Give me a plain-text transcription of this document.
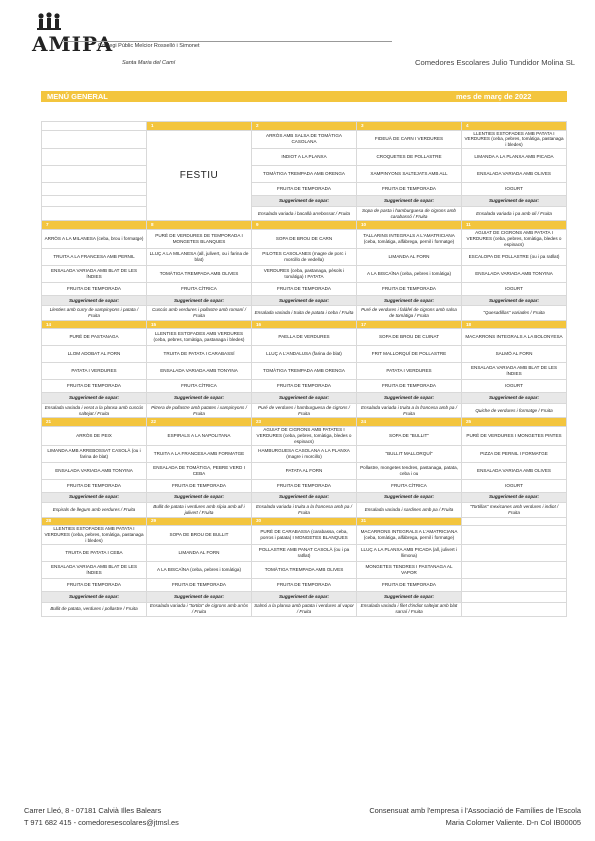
AMIPA
Col·legi Públic Melcior Rosselló i Simonet
Santa Maria del Camí	Comedores Escolares Julio Tundidor Molina SL
MENÚ GENERAL	mes de març de 2022
	1	2	3	4
	FESTIU	ARRÒS AMB SALSA DE TOMÀTIGA CASOLANA	FIDEUÀ DE CARN I VERDURES	LLENTIES ESTOFADES AMB PATATA I VERDURES (ceba, pebres, tomàtiga, pastanaga i bledes)
		INDIOT A LA PLANXA	CROQUETES DE POLLASTRE	LIMANDA A LA PLANXA AMB PICADA
		TOMÀTIGA TREMPADA AMB ORENGA	XAMPINYONS SALTEJATS AMB ALL	ENSALADA VARIADA AMB OLIVES
		FRUITA DE TEMPORADA	FRUITA DE TEMPORADA	IOGURT
		Suggeriment de sopar:	Suggeriment de sopar:	Suggeriment de sopar:
		Ensalada variada i bacallà arrebossat / Fruita	Sopa de pasta i hamburguesa de cigrons amb carabassó / Fruita	Ensalada variada i pa amb oli / Fruita
7	8	9	10	11
ARRÒS A LA MILANESA (ceba, brou i formatge)	PURÉ DE VERDURES DE TEMPORADA I MONGETES BLANQUES	SOPA DE BROU DE CARN	TALLARINS INTEGRALS A L'AMATRICIANA (ceba, tomàtiga, alfàbrega, pernil i formatge)	AGUIAT DE CIGRONS AMB PATATA I VERDURES (ceba, pebres, tomàtiga, bledes o espinacs)
TRUITA A LA FRANCESA AMB PERNIL	LLUÇ A LA MILANESA (all, julivert, ou i farina de blat)	PILOTES CASOLANES (magre de porc i morcillo de vedella)	LIMANDA AL FORN	ESCALOPA DE POLLASTRE (ou i pa ratllat)
ENSALADA VARIADA AMB BLAT DE LES ÍNDIES	TOMÀTIGA TREMPADA AMB OLIVES	VERDURES (ceba, pastanaga, pèsols i tomàtiga) I PATATA	A LA BISCAÏNA (ceba, pebres i tomàtiga)	ENSALADA VARIADA AMB TONYINA
FRUITA DE TEMPORADA	FRUITA CÍTRICA	FRUITA DE TEMPORADA	FRUITA DE TEMPORADA	IOGURT
Suggeriment de sopar:	Suggeriment de sopar:	Suggeriment de sopar:	Suggeriment de sopar:	Suggeriment de sopar:
Llenties amb curry de xampinyons i patata / Fruita	Cuscús amb verdures i pollastre amb romaní / Fruita	Ensalada variada i truita de patata i ceba / Fruita	Puré de verdures i falàfel de cigrons amb salsa de tomàtiga / Fruita	"Quesadillas" variades / Fruita
14	15	16	17	18
PURÉ DE PASTANAGA	LLENTIES ESTOFADES AMB VERDURES (ceba, pebres, tomàtiga, pastanaga i bledes)	PAELLA DE VERDURES	SOPA DE BROU DE CUINAT	MACARRONS INTEGRALS A LA BOLONYESA
LLOM ADOBAT AL FORN	TRUITA DE PATATA I CARABASSÍ	LLUÇ A L'ANDALUSA (farina de blat)	FRIT MALLORQUÍ DE POLLASTRE	SALMÓ AL FORN
PATATA I VERDURES	ENSALADA VARIADA AMB TONYINA	TOMÀTIGA TREMPADA AMB ORENGA	PATATA I VERDURES	ENSALADA VARIADA AMB BLAT DE LES ÍNDIES
FRUITA DE TEMPORADA	FRUITA CÍTRICA	FRUITA DE TEMPORADA	FRUITA DE TEMPORADA	IOGURT
Suggeriment de sopar:	Suggeriment de sopar:	Suggeriment de sopar:	Suggeriment de sopar:	Suggeriment de sopar:
Ensalada variada i verat a la planxa amb cuscús saltejat / Fruita	Pitrera de pollastre amb patates i xampinyons / Fruita	Puré de verdures i hamburguesa de cigrons / Fruita	Ensalada variada i truita a la francesa amb pa / Fruita	Quiche de verdures i formatge / Fruita
21	22	23	24	25
ARRÒS DE PEIX	ESPIRALS A LA NAPOLITANA	AGUIAT DE CIGRONS AMB PATATES I VERDURES (ceba, pebres, tomàtiga, bledes o espinacs)	SOPA DE "BULLIT"	PURÉ DE VERDURES I MONGETES PINTES
LIMANDA AMB ARREBOSSAT CASOLÀ (ou i farina de blat)	TRUITA A LA FRANCESA AMB FORMATGE	HAMBURGUESA CASOLANA A LA PLANXA (magre i morcillo)	"BULLIT MALLORQUÍ"	PIZZA DE PERNIL I FORMATGE
ENSALADA VARIADA AMB TONYINA	ENSALADA DE TOMÀTIGA, PEBRE VERD I CEBA	PATATA AL FORN	Pollastre, mongetes tendres, pastanaga, patata, ceba i ou	ENSALADA VARIADA AMB OLIVES
FRUITA DE TEMPORADA	FRUITA DE TEMPORADA	FRUITA DE TEMPORADA	FRUITA CÍTRICA	IOGURT
Suggeriment de sopar:	Suggeriment de sopar:	Suggeriment de sopar:	Suggeriment de sopar:	Suggeriment de sopar:
Espirals de llegum amb verdures / Fruita	Bullit de patata i verdures amb sípia amb all i julivert / Fruita	Ensalada variada i truita a la francesa amb pa / Fruita	Ensalada variada i sardines amb pa / Fruita	"Tortillas" mexicanes amb verdures i indiot / Fruita
28	29	30	31	
LLENTIES ESTOFADES AMB PATATA I VERDURES (ceba, pebres, tomàtiga, pastanaga i bledes)	SOPA DE BROU DE BULLIT	PURÉ DE CARABASSA (carabassa, ceba, porros i patata) I MONGETES BLANQUES	MACARRONS INTEGRALS A L'AMATRICIANA (ceba, tomàtiga, alfàbrega, pernil i formatge)	
TRUITA DE PATATA I CEBA	LIMANDA AL FORN	POLLASTRE AMB PANAT CASOLÀ (ou i pa ratllat)	LLUÇ A LA PLANXA AMB PICADA (all, julivert i llimona)	
ENSALADA VARIADA AMB BLAT DE LES ÍNDIES	A LA BISCAÏNA (ceba, pebres i tomàtiga)	TOMÀTIGA TREMPADA AMB OLIVES	MONGETES TENDRES I PASTANAGA AL VAPOR	
FRUITA DE TEMPORADA	FRUITA DE TEMPORADA	FRUITA DE TEMPORADA	FRUITA DE TEMPORADA	
Suggeriment de sopar:	Suggeriment de sopar:	Suggeriment de sopar:	Suggeriment de sopar:	
Bullit de patata, verdures i pollastre / Fruita	Ensalada variada i "tortita" de cigrons amb arròs / Fruita	Salmó a la planxa amb patata i verdures al vapor / Fruita	Ensalada variada i filet d'indiot saltejat amb blat sarraí / Fruita	
Carrer Lleó, 8 - 07181 Calvià Illes Balears
T 971 682 415 - comedoresescolares@jtmsl.es
Consensuat amb l'empresa i l'Associació de Famílies de l'Escola
Maria Colomer Valiente. D-n Col IB00005
